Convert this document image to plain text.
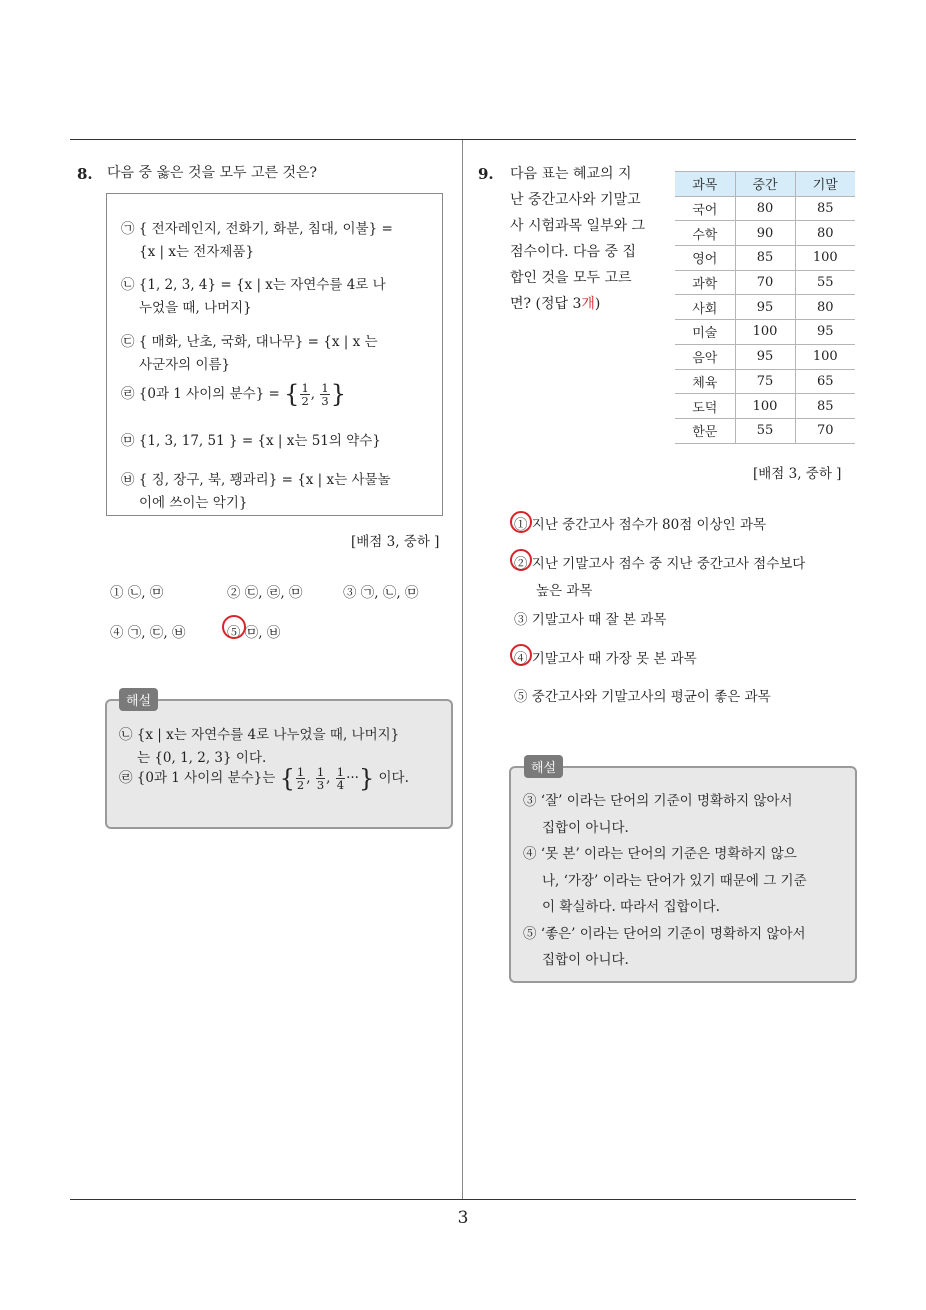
8. 다음 중 옳은 것을 모두 고른 것은?
㉠ { 전자레인지, 전화기, 화분, 침대, 이불} =
{x | x는 전자제품}
㉡ {1, 2, 3, 4} = {x | x는 자연수를 4로 나
누었을 때, 나머지}
㉢ { 매화, 난초, 국화, 대나무} = {x | x 는
사군자의 이름}
㉣ {0과 1 사이의 분수} = { $\frac{1}{2}$ , $\frac{1}{3}$ }
㉤ {1, 3, 17, 51 } = {x | x는 51의 약수}
㉥ { 징, 장구, 북, 꽹과리} = {x | x는 사물놀
이에 쓰이는 악기}
[배점 3, 중하 ]
① ㉡, ㉤	② ㉢, ㉣, ㉤	③ ㉠, ㉡, ㉤
④ ㉠, ㉢, ㉥	⑤ ㉤, ㉥
해설
㉡ {x | x는 자연수를 4로 나누었을 때, 나머지}
는 {0, 1, 2, 3} 이다.
㉣ {0과 1 사이의 분수}는 { $\frac{1}{2}$ , $\frac{1}{3}$ , $\frac{1}{4}$ ···} 이다.
9. 다음 표는 혜교의 지
난 중간고사와 기말고
사 시험과목 일부와 그
점수이다. 다음 중 집
합인 것을 모두 고르
면? (정답 3개)
과목	중간	기말
국어	80	85
수학	90	80
영어	85	100
과학	70	55
사회	95	80
미술	100	95
음악	95	100
체육	75	65
도덕	100	85
한문	55	70
[배점 3, 중하 ]
① 지난 중간고사 점수가 80점 이상인 과목
② 지난 기말고사 점수 중 지난 중간고사 점수보다
높은 과목
③ 기말고사 때 잘 본 과목
④ 기말고사 때 가장 못 본 과목
⑤ 중간고사와 기말고사의 평균이 좋은 과목
해설
③ ‘잘’ 이라는 단어의 기준이 명확하지 않아서
집합이 아니다.
④ ‘못 본’ 이라는 단어의 기준은 명확하지 않으
나, ‘가장’ 이라는 단어가 있기 때문에 그 기준
이 확실하다. 따라서 집합이다.
⑤ ‘좋은’ 이라는 단어의 기준이 명확하지 않아서
집합이 아니다.
3
